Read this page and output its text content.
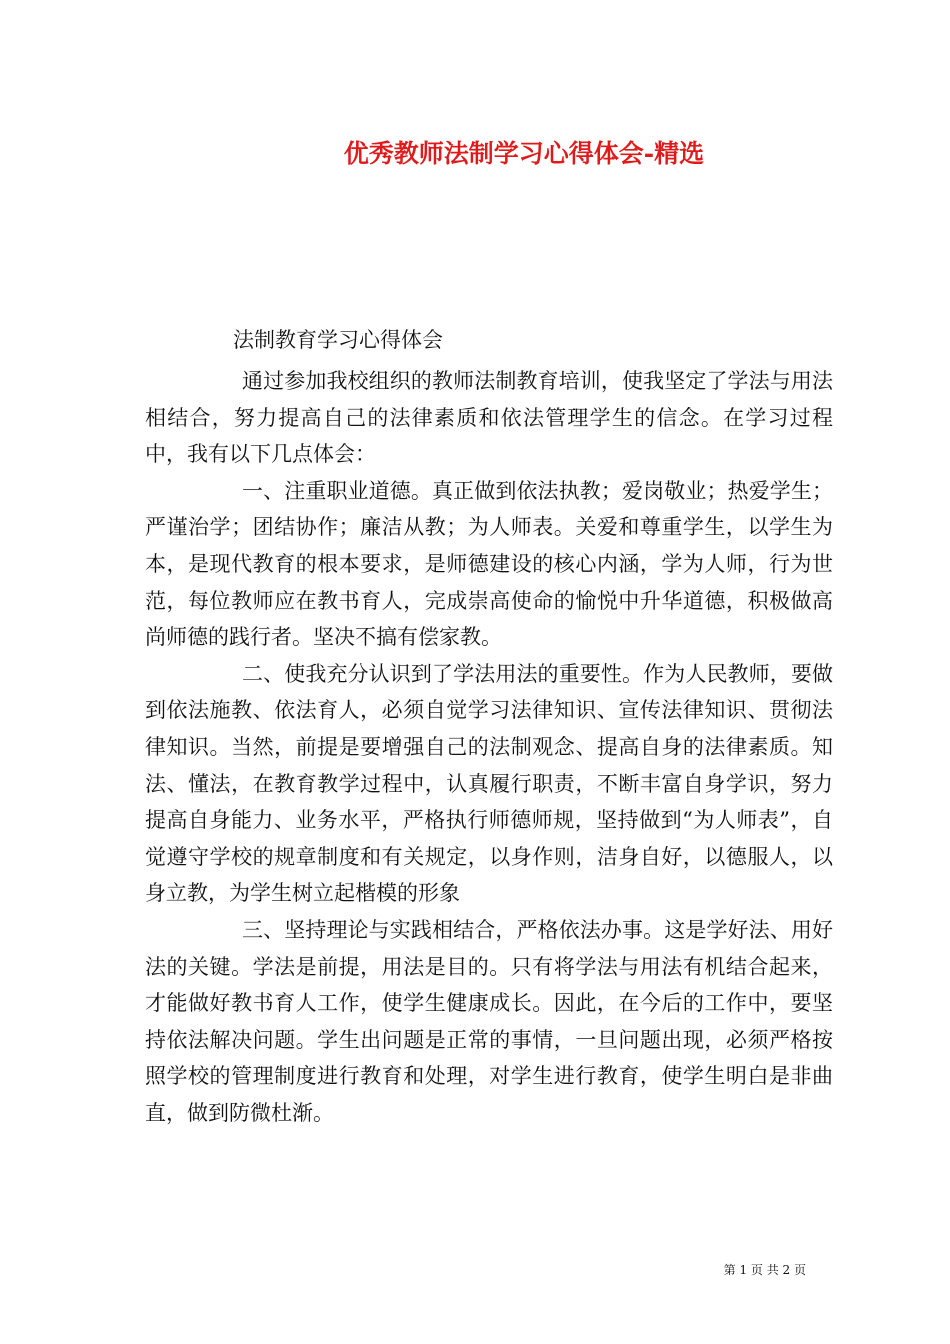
优秀教师法制学习心得体会-精选
法制教育学习心得体会

通过参加我校组织的教师法制教育培训，使我坚定了学法与用法相结合，努力提高自己的法律素质和依法管理学生的信念。在学习过程中，我有以下几点体会：

一、注重职业道德。真正做到依法执教；爱岗敬业；热爱学生；严谨治学；团结协作；廉洁从教；为人师表。关爱和尊重学生，以学生为本，是现代教育的根本要求，是师德建设的核心内涵，学为人师，行为世范，每位教师应在教书育人，完成崇高使命的愉悦中升华道德，积极做高尚师德的践行者。坚决不搞有偿家教。

二、使我充分认识到了学法用法的重要性。作为人民教师，要做到依法施教、依法育人，必须自觉学习法律知识、宣传法律知识、贯彻法律知识。当然，前提是要增强自己的法制观念、提高自身的法律素质。知法、懂法，在教育教学过程中，认真履行职责，不断丰富自身学识，努力提高自身能力、业务水平，严格执行师德师规，坚持做到“为人师表”，自觉遵守学校的规章制度和有关规定，以身作则，洁身自好，以德服人，以身立教，为学生树立起楷模的形象

三、坚持理论与实践相结合，严格依法办事。这是学好法、用好法的关键。学法是前提，用法是目的。只有将学法与用法有机结合起来，才能做好教书育人工作，使学生健康成长。因此，在今后的工作中，要坚持依法解决问题。学生出问题是正常的事情，一旦问题出现，必须严格按照学校的管理制度进行教育和处理，对学生进行教育，使学生明白是非曲直，做到防微杜渐。

第 1 页 共 2 页
